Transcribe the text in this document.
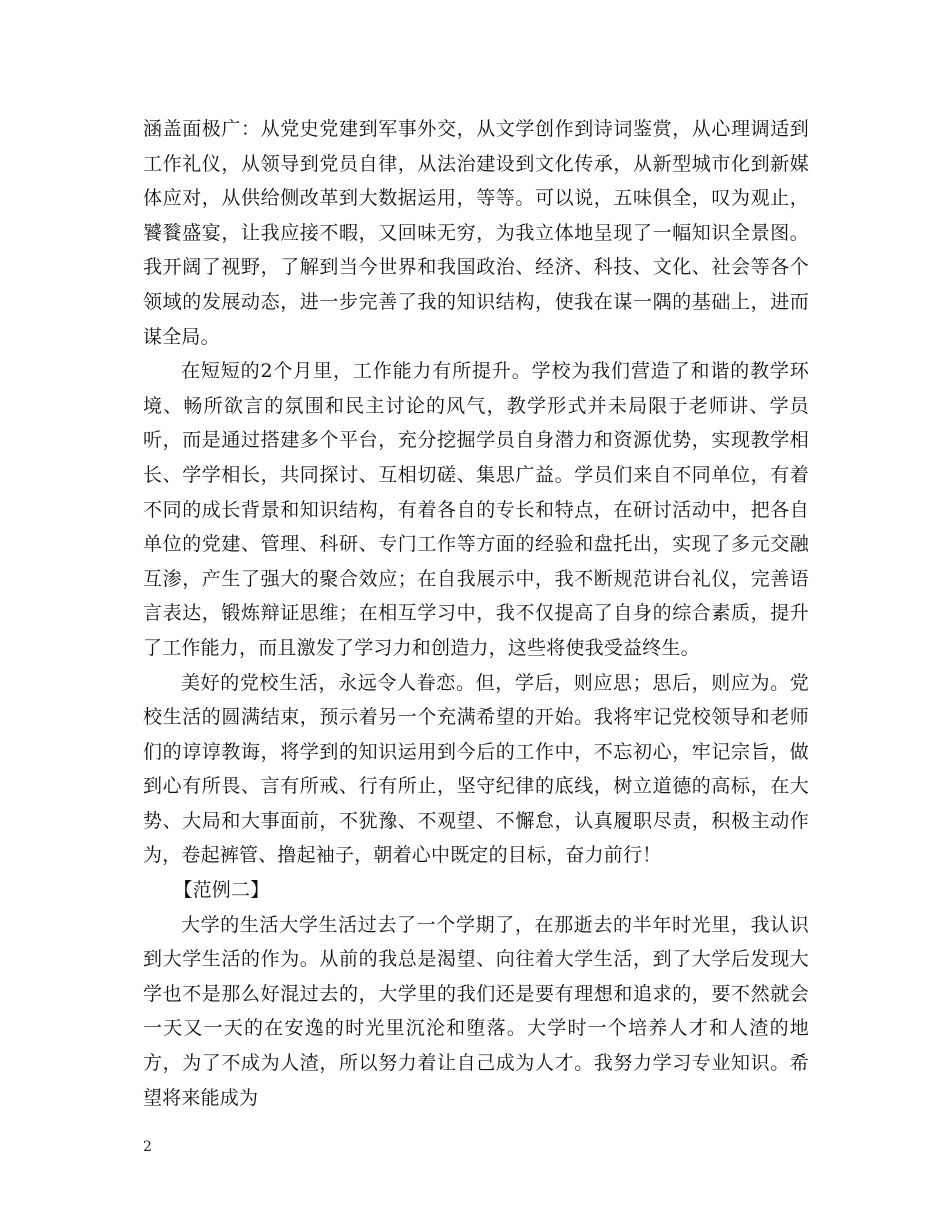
涵盖面极广：从党史党建到军事外交，从文学创作到诗词鉴赏，从心理调适到工作礼仪，从领导到党员自律，从法治建设到文化传承，从新型城市化到新媒体应对，从供给侧改革到大数据运用，等等。可以说，五味俱全，叹为观止，饕餮盛宴，让我应接不暇，又回味无穷，为我立体地呈现了一幅知识全景图。我开阔了视野，了解到当今世界和我国政治、经济、科技、文化、社会等各个领域的发展动态，进一步完善了我的知识结构，使我在谋一隅的基础上，进而谋全局。

在短短的2个月里，工作能力有所提升。学校为我们营造了和谐的教学环境、畅所欲言的氛围和民主讨论的风气，教学形式并未局限于老师讲、学员听，而是通过搭建多个平台，充分挖掘学员自身潜力和资源优势，实现教学相长、学学相长，共同探讨、互相切磋、集思广益。学员们来自不同单位，有着不同的成长背景和知识结构，有着各自的专长和特点，在研讨活动中，把各自单位的党建、管理、科研、专门工作等方面的经验和盘托出，实现了多元交融互渗，产生了强大的聚合效应；在自我展示中，我不断规范讲台礼仪，完善语言表达，锻炼辩证思维；在相互学习中，我不仅提高了自身的综合素质，提升了工作能力，而且激发了学习力和创造力，这些将使我受益终生。

美好的党校生活，永远令人眷恋。但，学后，则应思；思后，则应为。党校生活的圆满结束，预示着另一个充满希望的开始。我将牢记党校领导和老师们的谆谆教诲，将学到的知识运用到今后的工作中，不忘初心，牢记宗旨，做到心有所畏、言有所戒、行有所止，坚守纪律的底线，树立道德的高标，在大势、大局和大事面前，不犹豫、不观望、不懈怠，认真履职尽责，积极主动作为，卷起裤管、撸起袖子，朝着心中既定的目标，奋力前行！

【范例二】

大学的生活大学生活过去了一个学期了，在那逝去的半年时光里，我认识到大学生活的作为。从前的我总是渴望、向往着大学生活，到了大学后发现大学也不是那么好混过去的，大学里的我们还是要有理想和追求的，要不然就会一天又一天的在安逸的时光里沉沦和堕落。大学时一个培养人才和人渣的地方，为了不成为人渣，所以努力着让自己成为人才。我努力学习专业知识。希望将来能成为

2
